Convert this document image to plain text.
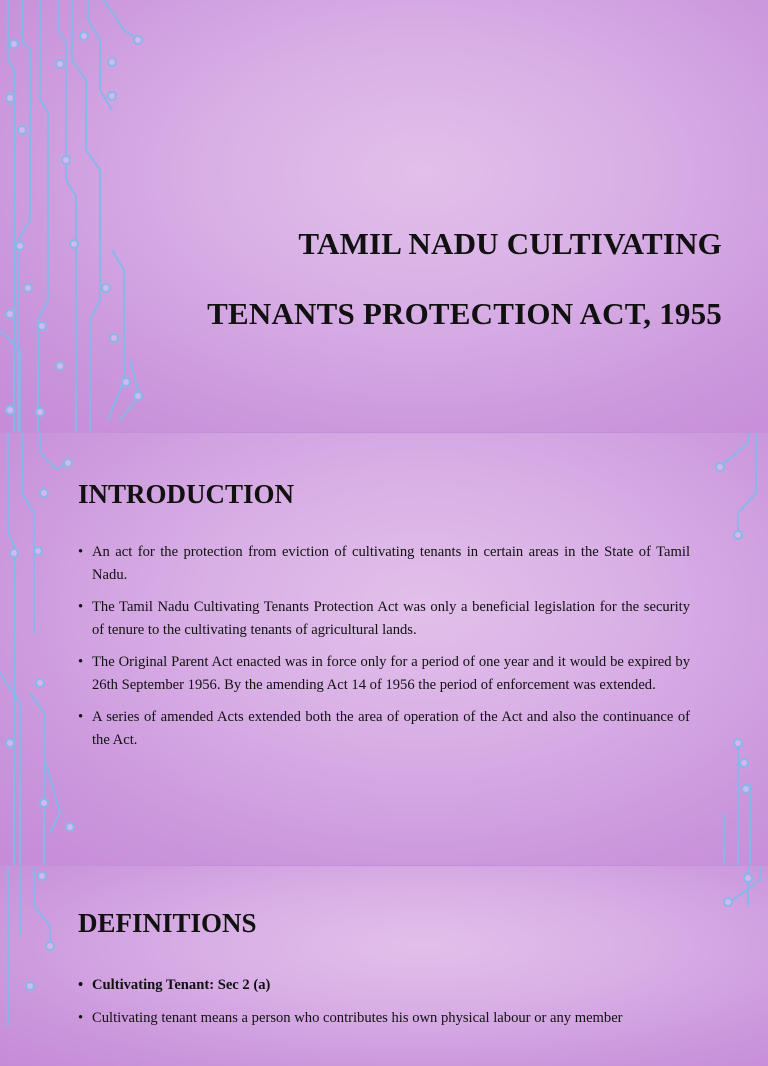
TAMIL NADU CULTIVATING
TENANTS PROTECTION ACT, 1955
INTRODUCTION
• An act for the protection from eviction of cultivating tenants in certain areas in the State of Tamil Nadu.
• The Tamil Nadu Cultivating Tenants Protection Act was only a beneficial legislation for the security of tenure to the cultivating tenants of agricultural lands.
• The Original Parent Act enacted was in force only for a period of one year and it would be expired by 26th September 1956. By the amending Act 14 of 1956 the period of enforcement was extended.
• A series of amended Acts extended both the area of operation of the Act and also the continuance of the Act.
DEFINITIONS
• Cultivating Tenant: Sec 2 (a)
• Cultivating tenant means a person who contributes his own physical labour or any member
